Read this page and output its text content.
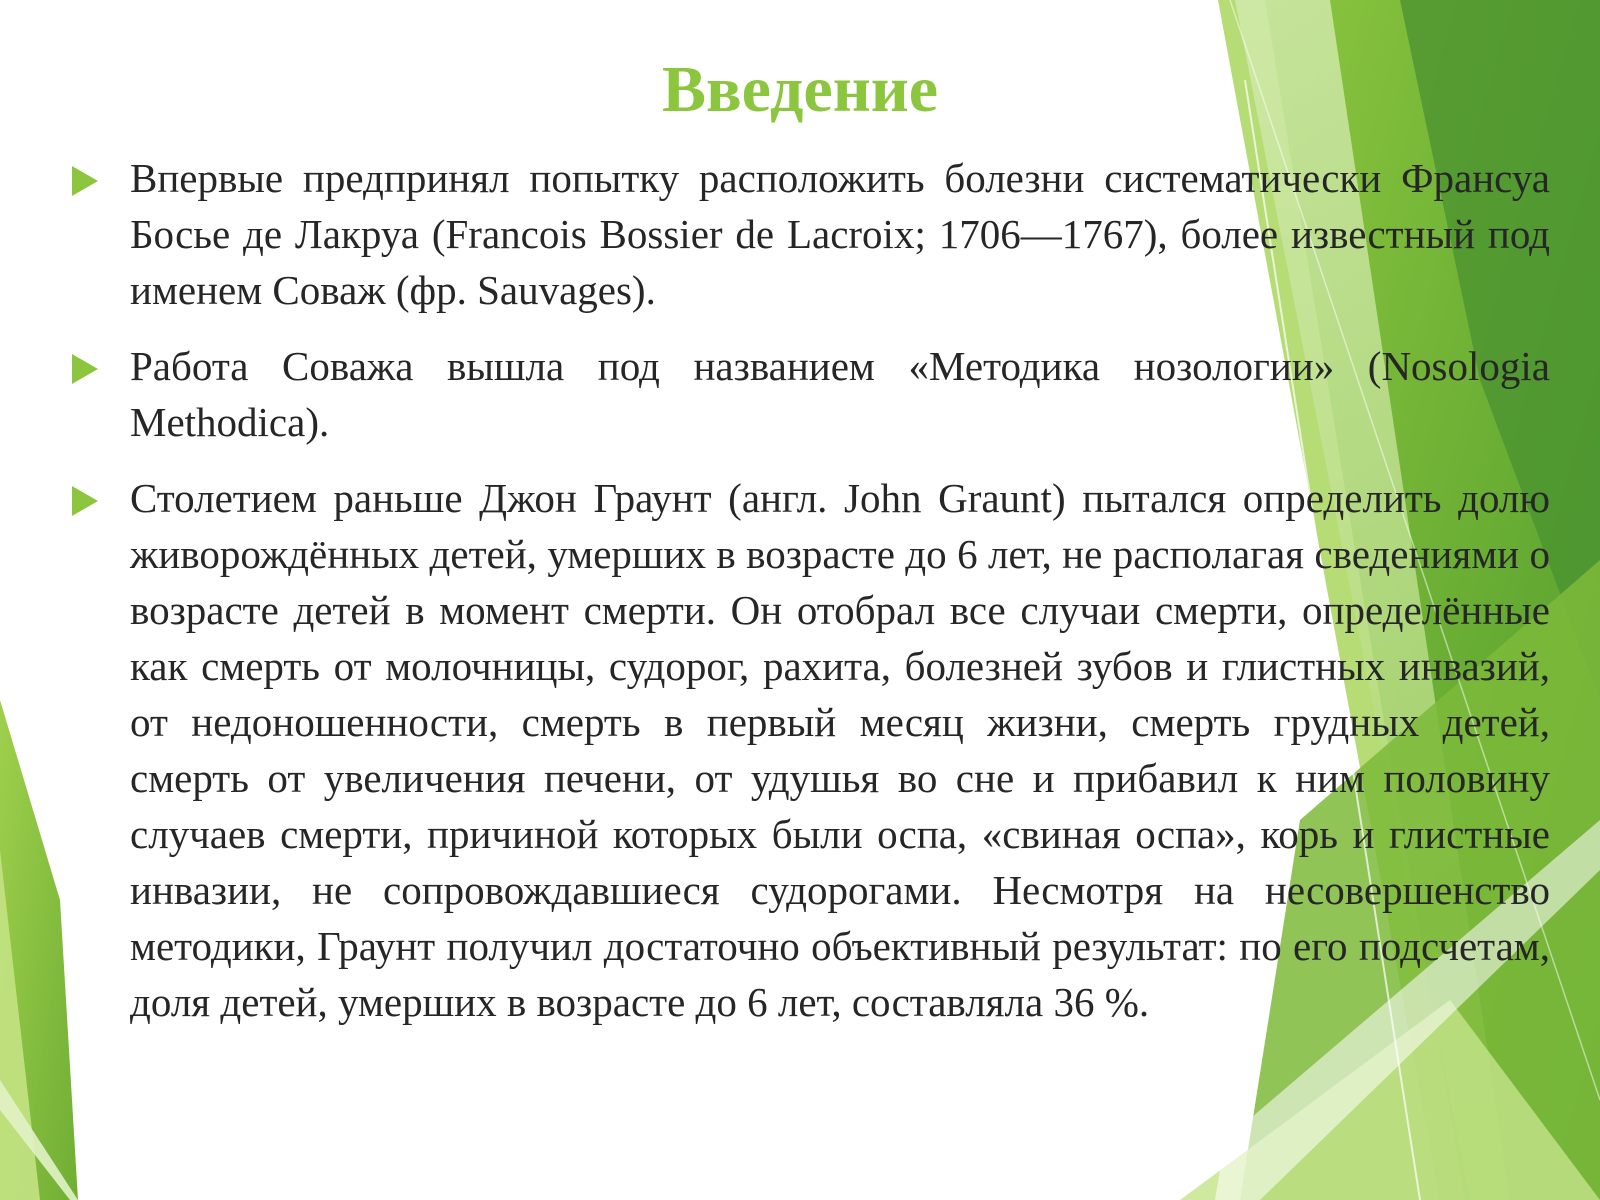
Введение
Впервые предпринял попытку расположить болезни систематически Франсуа Босье де Лакруа (Francois Bossier de Lacroix; 1706—1767), более известный под именем Соваж (фр. Sauvages).
Работа Соважа вышла под названием «Методика нозологии» (Nosologia Methodica).
Столетием раньше Джон Граунт (англ. John Graunt) пытался определить долю живорождённых детей, умерших в возрасте до 6 лет, не располагая сведениями о возрасте детей в момент смерти. Он отобрал все случаи смерти, определённые как смерть от молочницы, судорог, рахита, болезней зубов и глистных инвазий, от недоношенности, смерть в первый месяц жизни, смерть грудных детей, смерть от увеличения печени, от удушья во сне и прибавил к ним половину случаев смерти, причиной которых были оспа, «свиная оспа», корь и глистные инвазии, не сопровождавшиеся судорогами. Несмотря на несовершенство методики, Граунт получил достаточно объективный результат: по его подсчетам, доля детей, умерших в возрасте до 6 лет, составляла 36 %.
